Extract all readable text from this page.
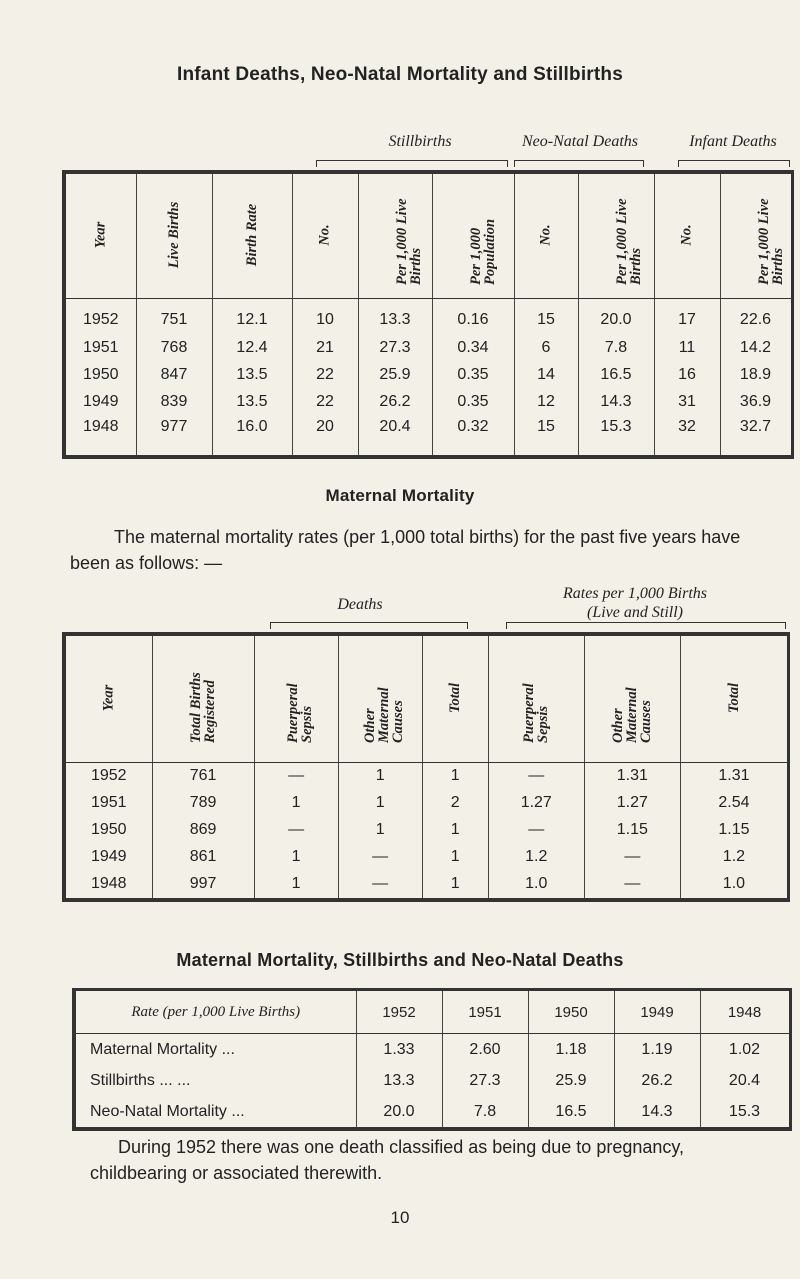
Infant Deaths, Neo-Natal Mortality and Stillbirths
Stillbirths	Neo-Natal Deaths	Infant Deaths
Year	Live Births	Birth Rate	No.	Per 1,000 Live Births	Per 1,000 Population	No.	Per 1,000 Live Births	No.	Per 1,000 Live Births
1952	751	12.1	10	13.3	0.16	15	20.0	17	22.6
1951	768	12.4	21	27.3	0.34	6	7.8	11	14.2
1950	847	13.5	22	25.9	0.35	14	16.5	16	18.9
1949	839	13.5	22	26.2	0.35	12	14.3	31	36.9
1948	977	16.0	20	20.4	0.32	15	15.3	32	32.7
Maternal Mortality
The maternal mortality rates (per 1,000 total births) for the past five years have been as follows: —
Deaths
Rates per 1,000 Births
(Live and Still)
Year	Total Births Registered	Puerperal Sepsis	Other Maternal Causes	Total	Puerperal Sepsis	Other Maternal Causes	Total
1952	761	—	1	1	—	1.31	1.31
1951	789	1	1	2	1.27	1.27	2.54
1950	869	—	1	1	—	1.15	1.15
1949	861	1	—	1	1.2	—	1.2
1948	997	1	—	1	1.0	—	1.0
Maternal Mortality, Stillbirths and Neo-Natal Deaths
Rate (per 1,000 Live Births)	1952	1951	1950	1949	1948
Maternal Mortality ...	1.33	2.60	1.18	1.19	1.02
Stillbirths ... ...	13.3	27.3	25.9	26.2	20.4
Neo-Natal Mortality ...	20.0	7.8	16.5	14.3	15.3
During 1952 there was one death classified as being due to pregnancy, childbearing or associated therewith.
10
